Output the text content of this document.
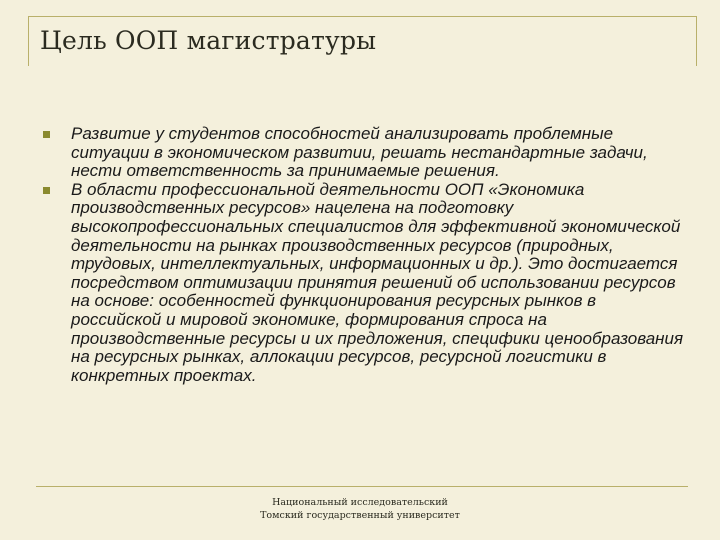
Цель ООП магистратуры
Развитие у студентов способностей анализировать проблемные ситуации в экономическом развитии, решать нестандартные задачи, нести ответственность за принимаемые решения.
В области профессиональной деятельности ООП «Экономика производственных ресурсов» нацелена на подготовку высокопрофессиональных специалистов для эффективной экономической деятельности на рынках производственных ресурсов (природных, трудовых, интеллектуальных, информационных и др.). Это достигается посредством оптимизации принятия решений об использовании ресурсов на основе: особенностей функционирования ресурсных рынков в российской и мировой экономике, формирования спроса на производственные ресурсы и их предложения, специфики ценообразования на ресурсных рынках, аллокации ресурсов, ресурсной логистики в конкретных проектах.
Национальный исследовательский
Томский государственный университет
